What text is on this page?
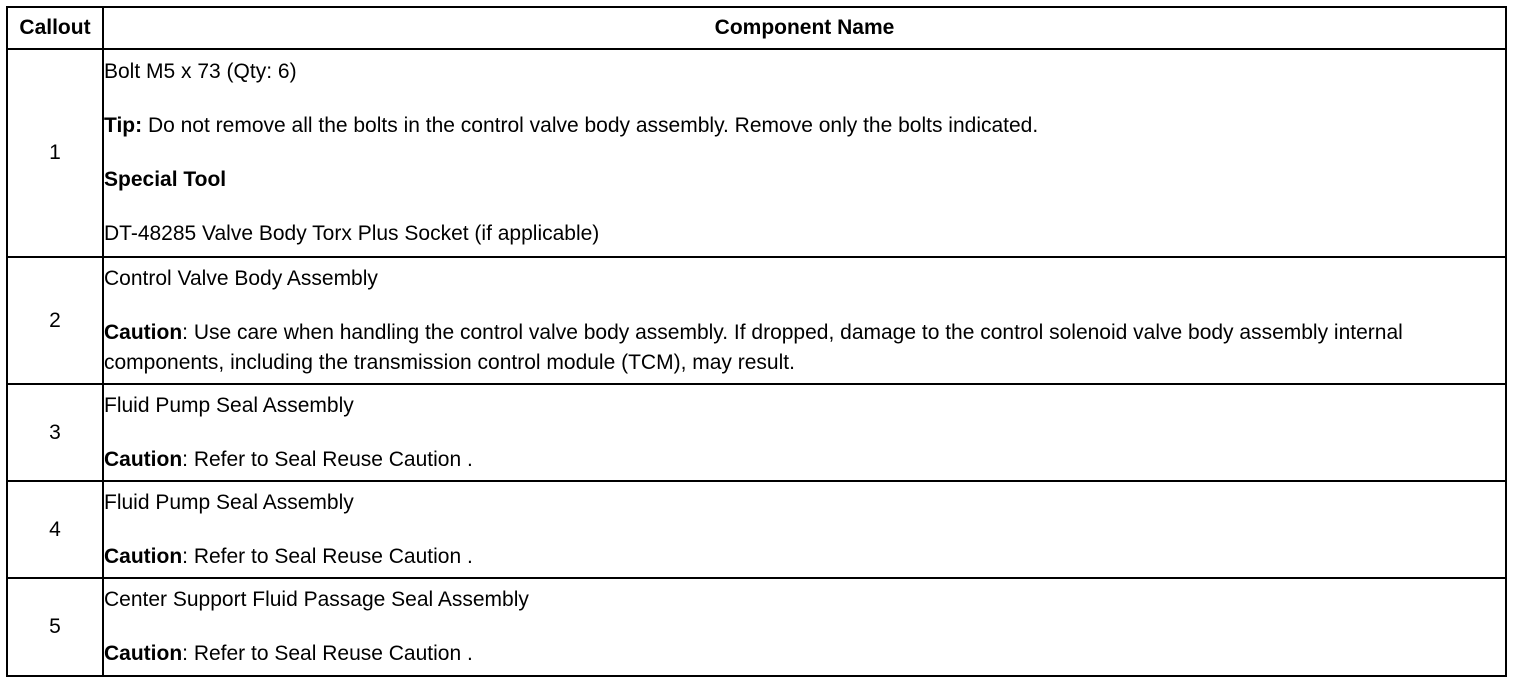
Callout	Component Name
1	Bolt M5 x 73 (Qty: 6)

Tip: Do not remove all the bolts in the control valve body assembly. Remove only the bolts indicated.

Special Tool

DT-48285 Valve Body Torx Plus Socket (if applicable)

2	Control Valve Body Assembly

Caution: Use care when handling the control valve body assembly. If dropped, damage to the control solenoid valve body assembly internal components, including the transmission control module (TCM), may result.

3	Fluid Pump Seal Assembly

Caution: Refer to Seal Reuse Caution .

4	Fluid Pump Seal Assembly

Caution: Refer to Seal Reuse Caution .

5	Center Support Fluid Passage Seal Assembly

Caution: Refer to Seal Reuse Caution .
